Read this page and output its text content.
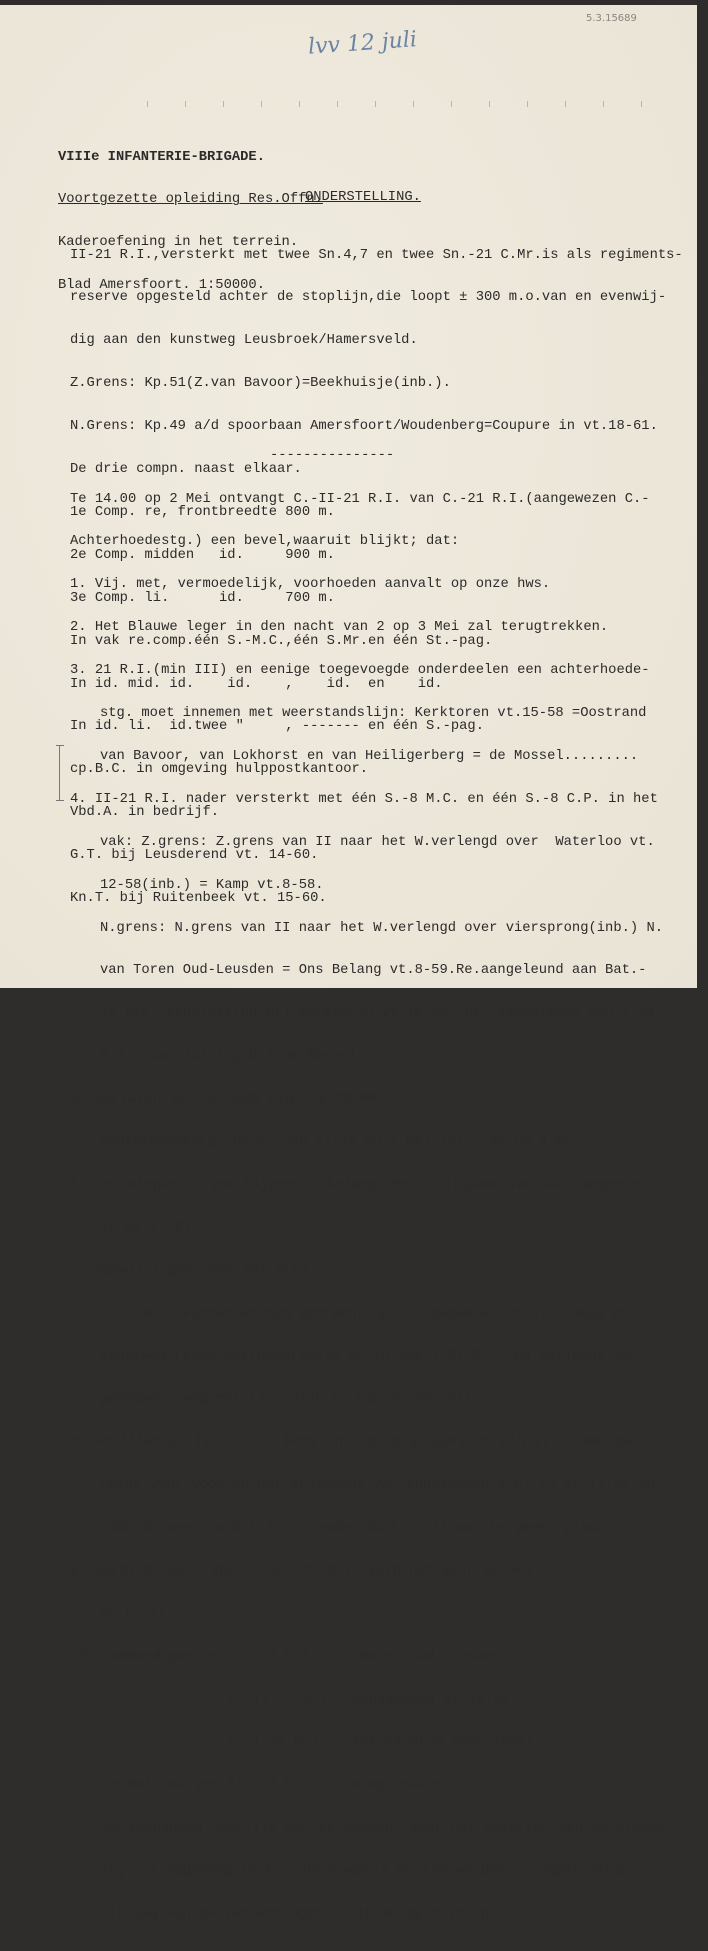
5.3.15689
lvv 12 juli

VIIIe INFANTERIE-BRIGADE.

Voortgezette opleiding Res.Offn.

Kaderoefening in het terrein.

Blad Amersfoort. 1:50000.

ONDERSTELLING.

II-21 R.I.,versterkt met twee Sn.4,7 en twee Sn.-21 C.Mr.is als regiments-

reserve opgesteld achter de stoplijn,die loopt ± 300 m.o.van en evenwij-

dig aan den kunstweg Leusbroek/Hamersveld.

Z.Grens: Kp.51(Z.van Bavoor)=Beekhuisje(inb.).

N.Grens: Kp.49 a/d spoorbaan Amersfoort/Woudenberg=Coupure in vt.18-61.

De drie compn. naast elkaar.

1e Comp. re, frontbreedte 800 m.

2e Comp. midden   id.     900 m.

3e Comp. li.      id.     700 m.

In vak re.comp.één S.-M.C.,één S.Mr.en één St.-pag.

In id. mid. id.    id.    ,    id.  en    id.

In id. li.  id.twee "     , ------- en één S.-pag.

cp.B.C. in omgeving hulppostkantoor.

Vbd.A. in bedrijf.

G.T. bij Leusderend vt. 14-60.

Kn.T. bij Ruitenbeek vt. 15-60.

---------------

Te 14.00 op 2 Mei ontvangt C.-II-21 R.I. van C.-21 R.I.(aangewezen C.-

Achterhoedestg.) een bevel,waaruit blijkt; dat:

1. Vij. met, vermoedelijk, voorhoeden aanvalt op onze hws.

2. Het Blauwe leger in den nacht van 2 op 3 Mei zal terugtrekken.

3. 21 R.I.(min III) en eenige toegevoegde onderdeelen een achterhoede-

stg. moet innemen met weerstandslijn: Kerktoren vt.15-58 =Oostrand

van Bavoor, van Lokhorst en van Heiligerberg = de Mossel.........

4. II-21 R.I. nader versterkt met één S.-8 M.C. en één S.-8 C.P. in het

vak: Z.grens: Z.grens van II naar het W.verlengd over  Waterloo vt.

12-58(inb.) = Kamp vt.8-58.

N.grens: N.grens van II naar het W.verlengd over viersprong(inb.) N.

van Toren Oud-Leusden = Ons Belang vt.8-59.Re.aangeleund aan Bat.-

IV Div. aansluiting bij kerktoren vt.15-58. Li. aangeleund aan I-21

R.I., aansluiting bij de Mossel.

5. Verlaten van de oude stg. te 20.00.

Achterhoedestg. bezet van 21.15 op 2 Mei tot 7.00 op 3 Mei.

6. Terreinpunten van bijzonder belang: het kruispunt van kunstwegen e.o.

in vt.17-61.

7. Aanwijzingen voor het vuur.

Vuur moet kunnen worden gebracht op het bedekte terrein langs den

kunstweg Leusbroek/Hamersveld en in vak I-21 R.I. op snijpunt van

genoemden weg met liniedijk (O.van de Mossel).

8. Artillerie: II-16 R.A. komt in stg. bij Sportterrein vt.13-60; be-

reidt vuur voor op het kruispunt van kunstwegen e.o. in vt.17-61 en

vóór de weerstandslijn op nader door C.-II aan te geven plaats.

9. Verbindingen: Vbd.A.-St.-21 R.I. verbindt mijn cp.met:............

cp.C.-II........

10. Commandoposten: C.-21 R.I.     Hotel Oud-Leusden.

C.-II-21 R.I.  Leusderend vt.14-60.

C.-I-21 R.I.   Inf.Kazerne Amersfoort.

11. In het vak van II zal 5 R.I. terugtrekken.

12. Verkenningen dadelijk aan te vangen. Voor het bezetten van de nieuwe

stg.zal nagenoeg techt achterwaarts moeten worden teruggetrokken.

Uitslag van de verkenningen te 18.00 op mijn cp.
